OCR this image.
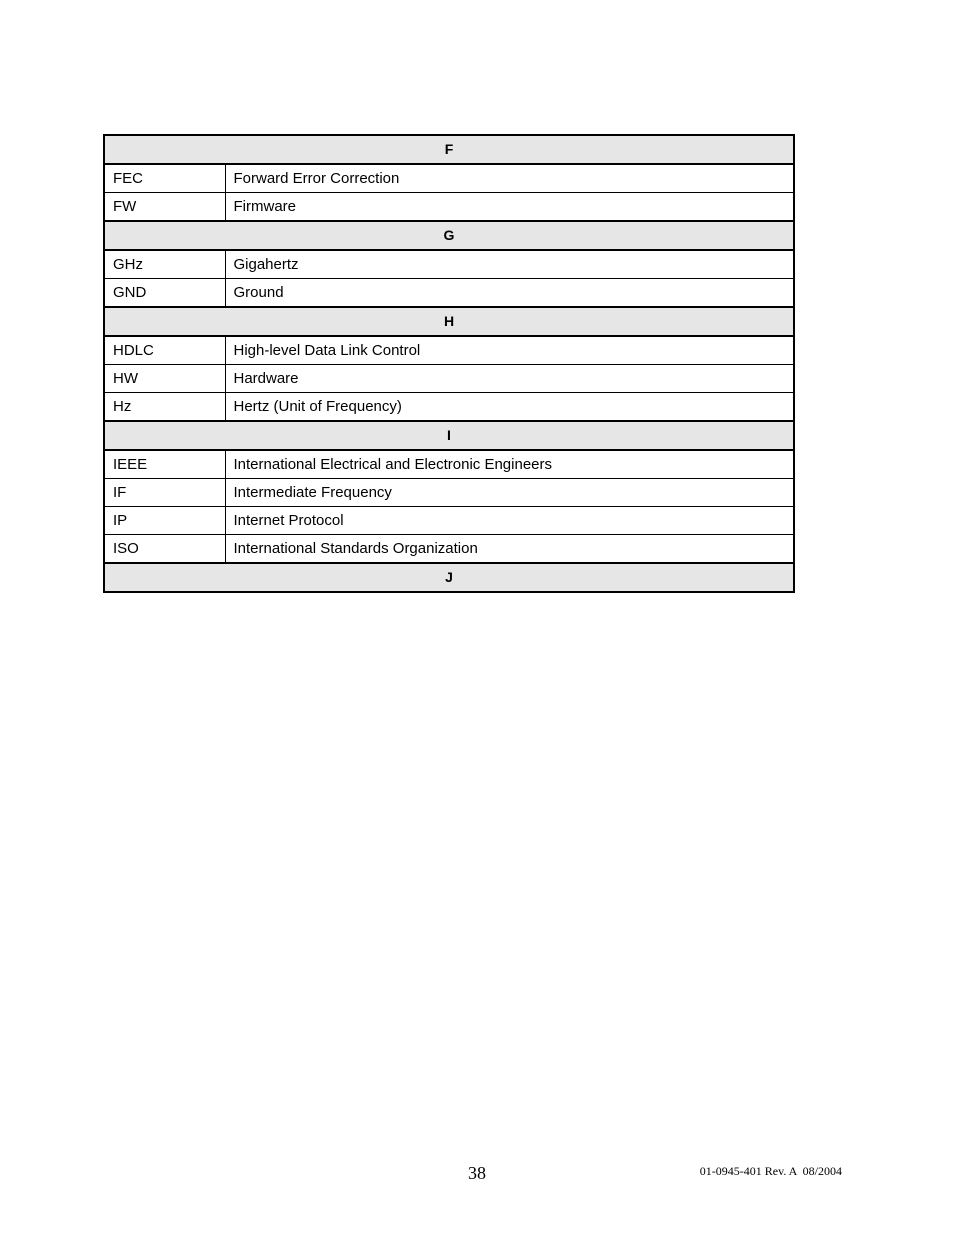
F	
FEC	Forward Error Correction
FW	Firmware
G	
GHz	Gigahertz
GND	Ground
H	
HDLC	High-level Data Link Control
HW	Hardware
Hz	Hertz (Unit of Frequency)
I	
IEEE	International Electrical and Electronic Engineers
IF	Intermediate Frequency
IP	Internet Protocol
ISO	International Standards Organization
J	
38	01-0945-401 Rev. A  08/2004
